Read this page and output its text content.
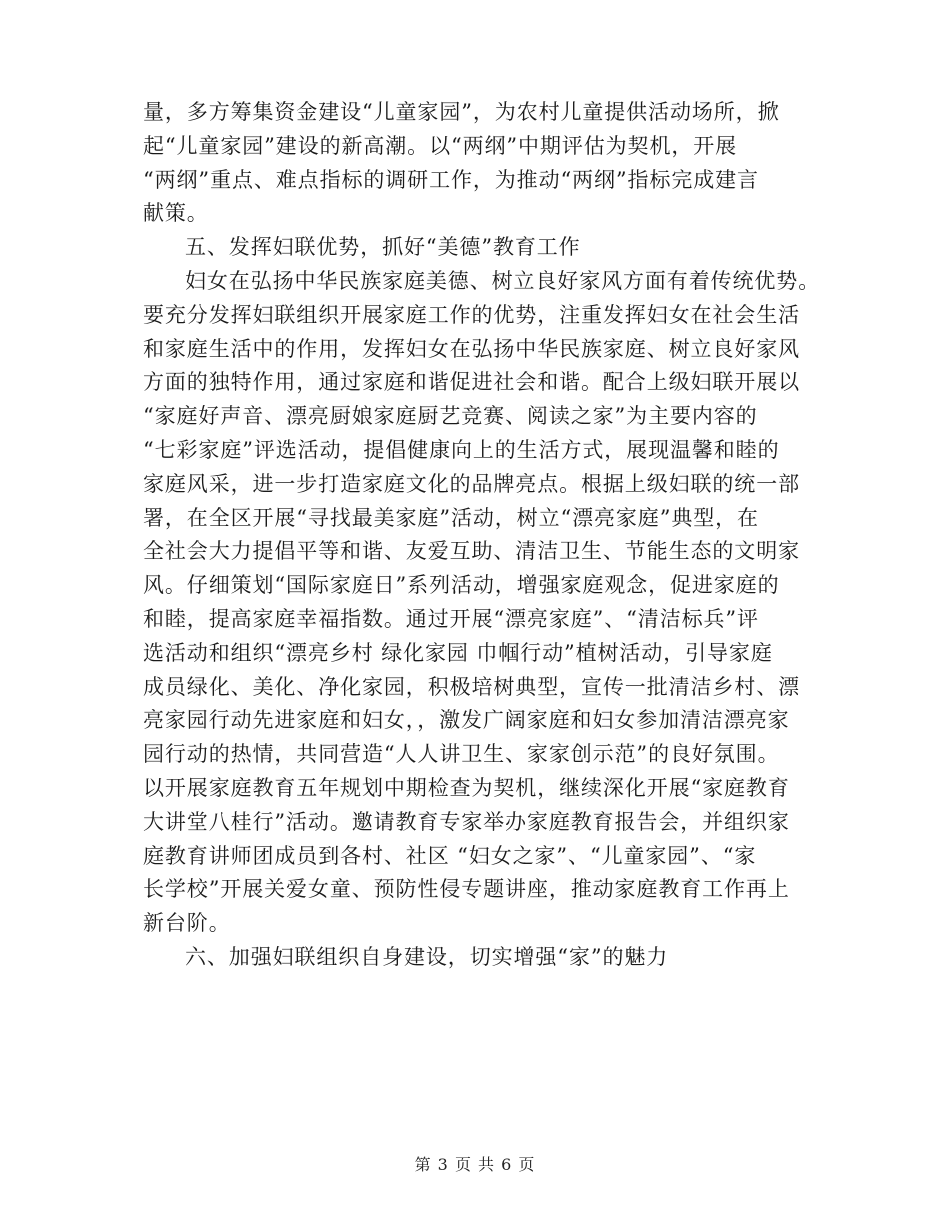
量，多方筹集资金建设“儿童家园”，为农村儿童提供活动场所，掀
起“儿童家园”建设的新高潮。以“两纲”中期评估为契机，开展
“两纲”重点、难点指标的调研工作，为推动“两纲”指标完成建言
献策。
五、发挥妇联优势，抓好“美德”教育工作
妇女在弘扬中华民族家庭美德、树立良好家风方面有着传统优势。
要充分发挥妇联组织开展家庭工作的优势，注重发挥妇女在社会生活
和家庭生活中的作用，发挥妇女在弘扬中华民族家庭、树立良好家风
方面的独特作用，通过家庭和谐促进社会和谐。配合上级妇联开展以
“家庭好声音、漂亮厨娘家庭厨艺竞赛、阅读之家”为主要内容的
“七彩家庭”评选活动，提倡健康向上的生活方式，展现温馨和睦的
家庭风采，进一步打造家庭文化的品牌亮点。根据上级妇联的统一部
署，在全区开展“寻找最美家庭”活动，树立“漂亮家庭”典型，在
全社会大力提倡平等和谐、友爱互助、清洁卫生、节能生态的文明家
风。仔细策划“国际家庭日”系列活动，增强家庭观念，促进家庭的
和睦，提高家庭幸福指数。通过开展“漂亮家庭”、“清洁标兵”评
选活动和组织“漂亮乡村 绿化家园 巾帼行动”植树活动，引导家庭
成员绿化、美化、净化家园，积极培树典型，宣传一批清洁乡村、漂
亮家园行动先进家庭和妇女，，激发广阔家庭和妇女参加清洁漂亮家
园行动的热情，共同营造“人人讲卫生、家家创示范”的良好氛围。
以开展家庭教育五年规划中期检查为契机，继续深化开展“家庭教育
大讲堂八桂行”活动。邀请教育专家举办家庭教育报告会，并组织家
庭教育讲师团成员到各村、社区 “妇女之家”、“儿童家园”、“家
长学校”开展关爱女童、预防性侵专题讲座，推动家庭教育工作再上
新台阶。
六、加强妇联组织自身建设，切实增强“家”的魅力
第 3 页 共 6 页
